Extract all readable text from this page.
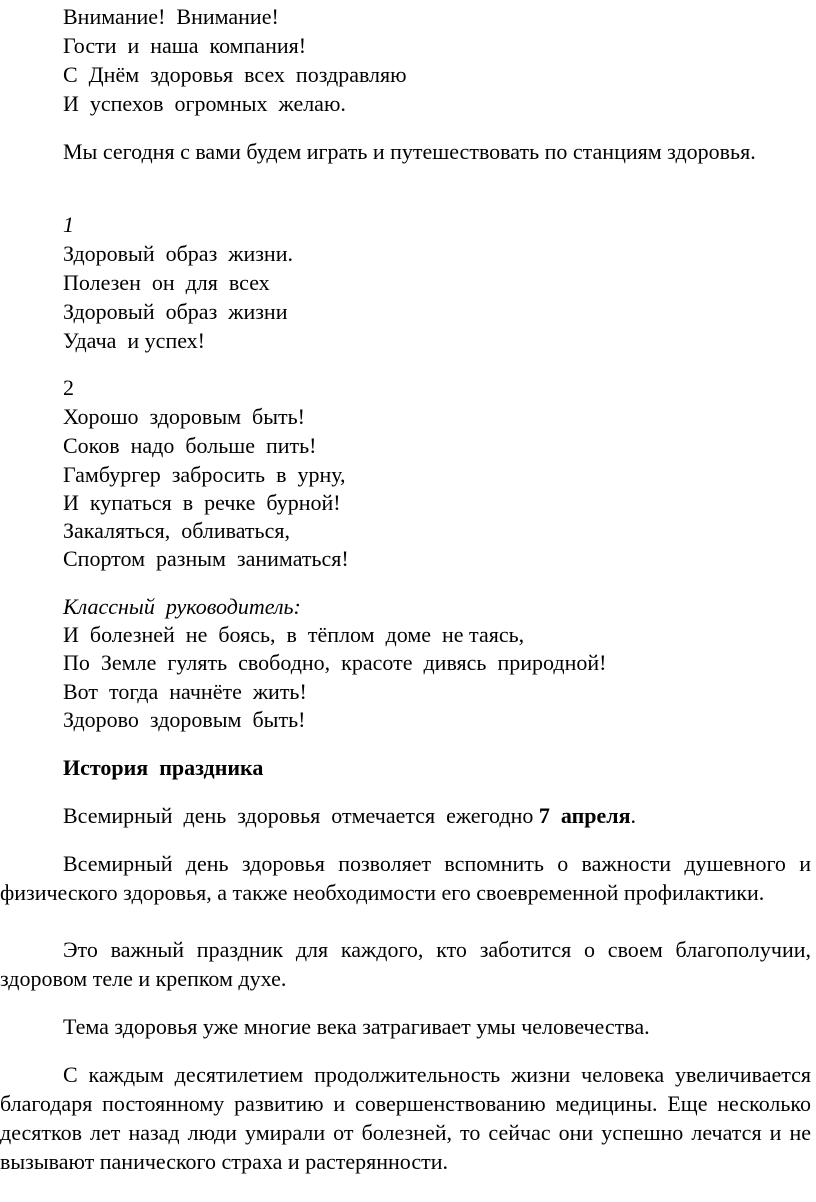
Внимание!  Внимание!

Гости  и  наша  компания!

С  Днём  здоровья  всех  поздравляю

И  успехов  огромных  желаю.

Мы сегодня с вами будем играть и путешествовать по станциям здоровья.

1

Здоровый  образ  жизни.

Полезен  он  для  всех

Здоровый  образ  жизни

Удача  и успех!

2

Хорошо  здоровым  быть!

Соков  надо  больше  пить!

Гамбургер  забросить  в  урну,

И  купаться  в  речке  бурной!

Закаляться,  обливаться,

Спортом  разным  заниматься!

Классный  руководитель:

И  болезней  не  боясь,  в  тёплом  доме  не таясь,

По  Земле  гулять  свободно,  красоте  дивясь  природной!

Вот  тогда  начнёте  жить!

Здорово  здоровым  быть!

История  праздника

Всемирный  день  здоровья  отмечается  ежегодно 7  апреля.

Всемирный день здоровья позволяет вспомнить о важности душевного и физического здоровья, а также необходимости его своевременной профилактики.

Это важный праздник для каждого, кто заботится о своем благополучии, здоровом теле и крепком духе.

Тема здоровья уже многие века затрагивает умы человечества.

С каждым десятилетием продолжительность жизни человека увеличивается благодаря постоянному развитию и совершенствованию медицины. Еще несколько десятков лет назад люди умирали от болезней, то сейчас они успешно лечатся и не вызывают панического страха и растерянности.
